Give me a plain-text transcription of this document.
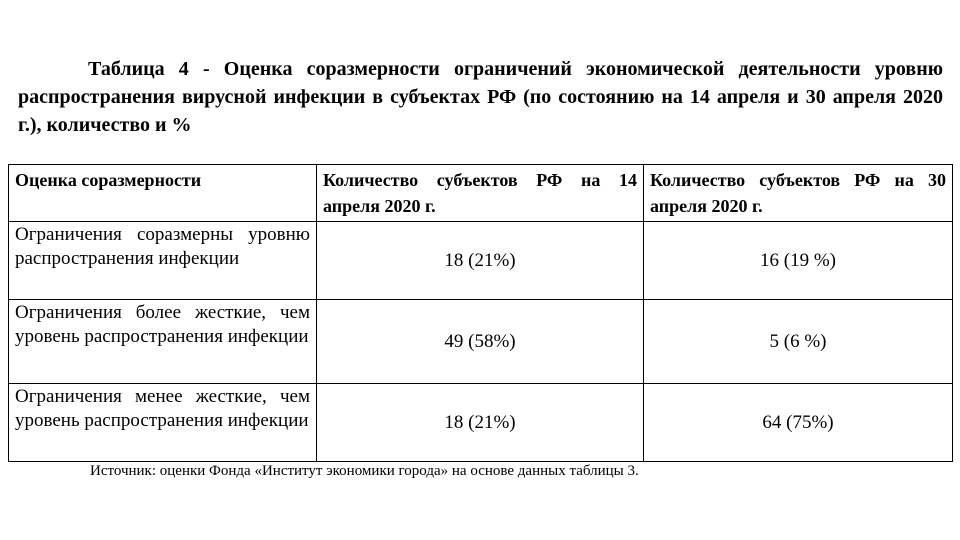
Таблица 4 - Оценка соразмерности ограничений экономической деятельности уровню распространения вирусной инфекции в субъектах РФ (по состоянию на 14 апреля и 30 апреля 2020 г.), количество и %
Оценка соразмерности	Количество субъектов РФ на 14 апреля 2020 г.	Количество субъектов РФ на 30 апреля 2020 г.
Ограничения соразмерны уровню распространения инфекции	18 (21%)	16 (19 %)
Ограничения более жесткие, чем уровень распространения инфекции	49 (58%)	5 (6 %)
Ограничения менее жесткие, чем уровень распространения инфекции	18 (21%)	64 (75%)
Источник: оценки Фонда «Институт экономики города» на основе данных таблицы 3.
